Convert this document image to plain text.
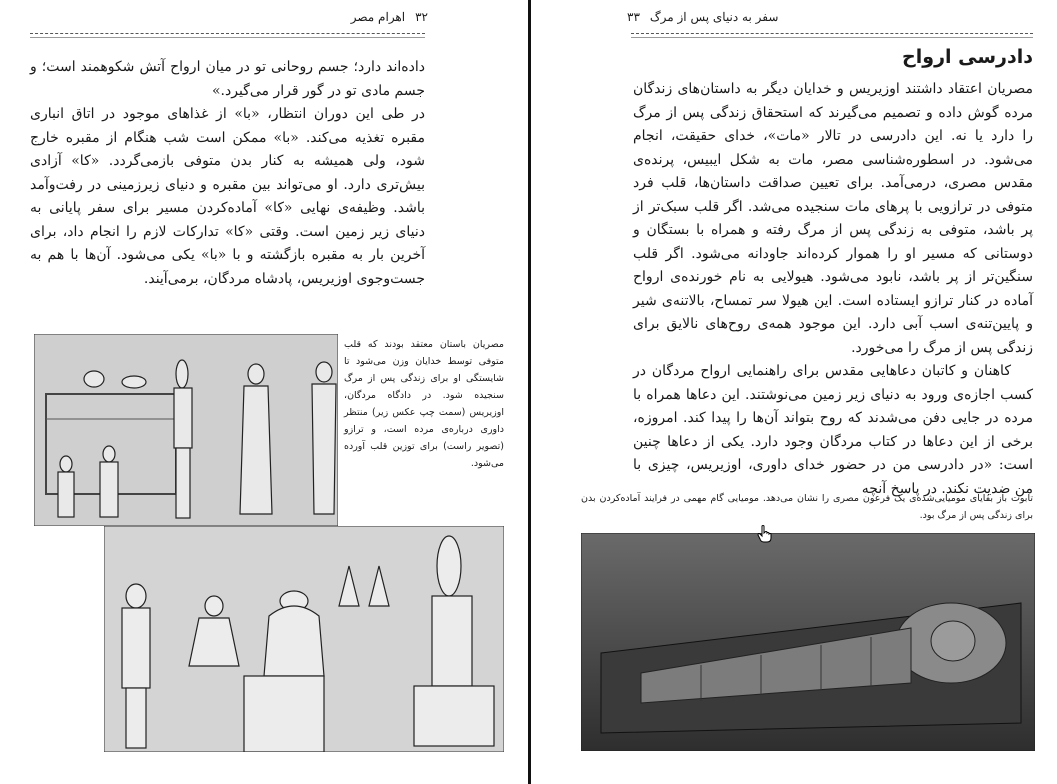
۳۲
اهرام مصر

داده‌اند دارد؛ جسم روحانی تو در میان ارواح آتش شکوهمند است؛ و جسم مادی تو در گور قرار می‌گیرد.»

در طی این دوران انتظار، «با» از غذاهای موجود در اتاق انباری مقبره تغذیه می‌کند. «با» ممکن است شب هنگام از مقبره خارج شود، ولی همیشه به کنار بدن متوفی بازمی‌گردد. «کا» آزادی بیش‌تری دارد. او می‌تواند بین مقبره و دنیای زیرزمینی در رفت‌وآمد باشد. وظیفه‌ی نهایی «کا» آماده‌کردن مسیر برای سفر پایانی به دنیای زیر زمین است. وقتی «کا» تدارکات لازم را انجام داد، برای آخرین بار به مقبره بازگشته و با «با» یکی می‌شود. آن‌ها با هم به جست‌وجوی اوزیریس، پادشاه مردگان، برمی‌آیند.

مصریان باستان معتقد بودند که قلب متوفی توسط خدایان وزن می‌شود تا شایستگی او برای زندگی پس از مرگ سنجیده شود. در دادگاه مردگان، اوزیریس (سمت چپ عکس زیر) منتظر داوری درباره‌ی مرده است، و ترازو (تصویر راست) برای توزین قلب آورده می‌شود.
سفر به دنیای پس از مرگ
۳۳
دادرسی ارواح

مصریان اعتقاد داشتند اوزیریس و خدایان دیگر به داستان‌های زندگان مرده گوش داده و تصمیم می‌گیرند که استحقاق زندگی پس از مرگ را دارد یا نه. این دادرسی در تالار «مات»، خدای حقیقت، انجام می‌شود. در اسطوره‌شناسی مصر، مات به شکل ایبیس، پرنده‌ی مقدس مصری، درمی‌آمد. برای تعیین صداقت داستان‌ها، قلب فرد متوفی در ترازویی با پرهای مات سنجیده می‌شد. اگر قلب سبک‌تر از پر باشد، متوفی به زندگی پس از مرگ رفته و همراه با بستگان و دوستانی که مسیر او را هموار کرده‌اند جاودانه می‌شود. اگر قلب سنگین‌تر از پر باشد، نابود می‌شود. هیولایی به نام خورنده‌ی ارواح آماده در کنار ترازو ایستاده است. این هیولا سر تمساح، بالاتنه‌ی شیر و پایین‌تنه‌ی اسب آبی دارد. این موجود همه‌ی روح‌های نالایق برای زندگی پس از مرگ را می‌خورد.

کاهنان و کاتبان دعاهایی مقدس برای راهنمایی ارواح مردگان در کسب اجازه‌ی ورود به دنیای زیر زمین می‌نوشتند. این دعاها همراه با مرده در جایی دفن می‌شدند که روح بتواند آن‌ها را پیدا کند. امروزه، برخی از این دعاها در کتاب مردگان وجود دارد. یکی از دعاها چنین است: «در دادرسی من در حضور خدای داوری، اوزیریس، چیزی با من ضدیت نکند. در پاسخ آنچه

تابوت باز بقایای مومیایی‌شده‌ی یک فرعون مصری را نشان می‌دهد. مومیایی گام مهمی در فرایند آماده‌کردن بدن برای زندگی پس از مرگ بود.
